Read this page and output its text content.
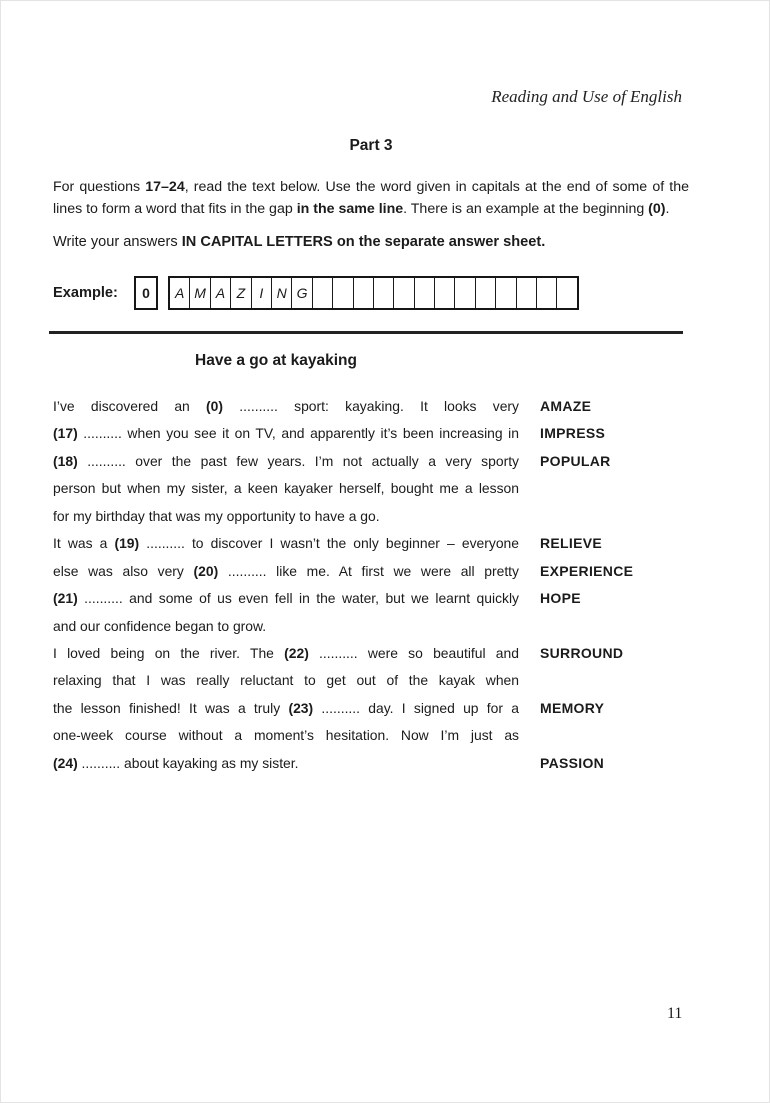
Reading and Use of English
Part 3
For questions 17–24, read the text below. Use the word given in capitals at the end of some of the
lines to form a word that fits in the gap in the same line. There is an example at the beginning (0).
Write your answers IN CAPITAL LETTERS on the separate answer sheet.
Example:	0	A M A Z	I N G
Have a go at kayaking
I’ve discovered an (0) .......... sport: kayaking. It looks very AMAZE
(17) .......... when you see it on TV, and apparently it’s been increasing in IMPRESS
(18) .......... over the past few years. I’m not actually a very sporty POPULAR
person but when my sister, a keen kayaker herself, bought me a lesson
for my birthday that was my opportunity to have a go.
It was a (19) .......... to discover I wasn’t the only beginner – everyone RELIEVE
else was also very (20) .......... like me. At first we were all pretty EXPERIENCE
(21) .......... and some of us even fell in the water, but we learnt quickly HOPE
and our confidence began to grow.
I loved being on the river. The (22) .......... were so beautiful and SURROUND
relaxing that I was really reluctant to get out of the kayak when
the lesson finished! It was a truly (23) .......... day. I signed up for a MEMORY
one-week course without a moment’s hesitation. Now I’m just as
(24) .......... about kayaking as my sister.	PASSION
11
